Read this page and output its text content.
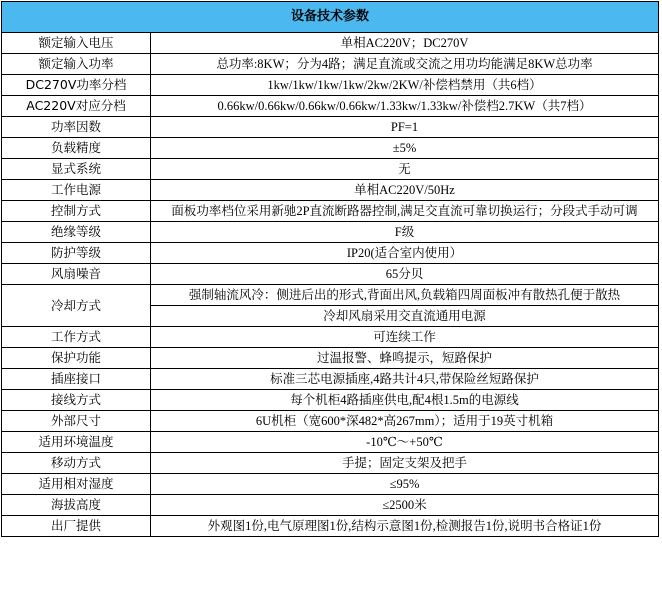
设备技术参数	
额定输入电压	单相AC220V；DC270V
额定输入功率	总功率:8KW；分为4路；满足直流或交流之用功均能满足8KW总功率
DC270V功率分档	1kw/1kw/1kw/1kw/2kw/2KW/补偿档禁用（共6档）
AC220V对应分档	0.66kw/0.66kw/0.66kw/0.66kw/1.33kw/1.33kw/补偿档2.7KW（共7档）
功率因数	PF=1
负载精度	±5%
显式系统	无
工作电源	单相AC220V/50Hz
控制方式	面板功率档位采用新驰2P直流断路器控制,满足交直流可靠切换运行；分段式手动可调
绝缘等级	F级
防护等级	IP20(适合室内使用）
风扇噪音	65分贝
冷却方式	强制轴流风冷：侧进后出的形式,背面出风,负载箱四周面板冲有散热孔便于散热
	冷却风扇采用交直流通用电源
工作方式	可连续工作
保护功能	过温报警、蜂鸣提示，短路保护
插座接口	标准三芯电源插座,4路共计4只,带保险丝短路保护
接线方式	每个机柜4路插座供电,配4根1.5m的电源线
外部尺寸	6U机柜（宽600*深482*高267mm）；适用于19英寸机箱
适用环境温度	-10℃～+50℃
移动方式	手提；固定支架及把手
适用相对湿度	≤95%
海拔高度	≤2500米
出厂提供	外观图1份,电气原理图1份,结构示意图1份,检测报告1份,说明书合格证1份
